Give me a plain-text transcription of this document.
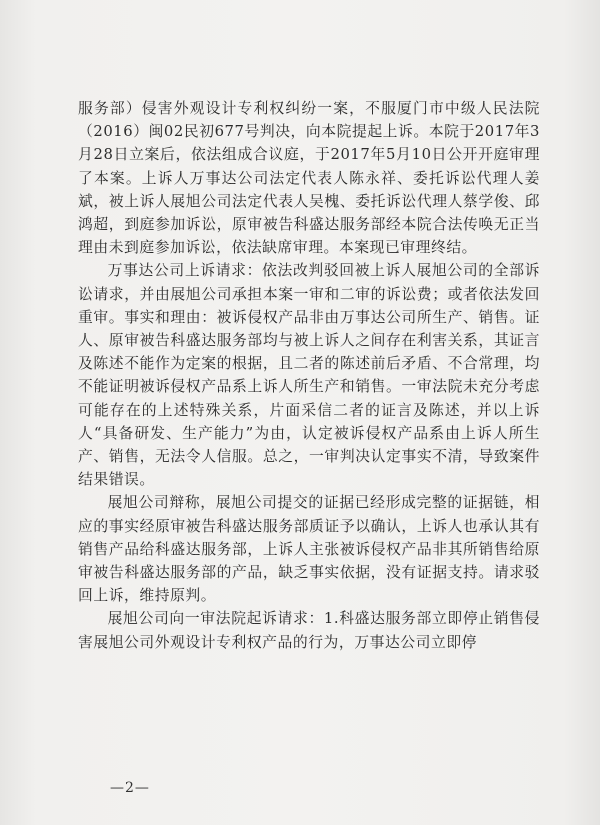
服务部）侵害外观设计专利权纠纷一案，不服厦门市中级人民法院（2016）闽02民初677号判决，向本院提起上诉。本院于2017年3月28日立案后，依法组成合议庭，于2017年5月10日公开开庭审理了本案。上诉人万事达公司法定代表人陈永祥、委托诉讼代理人姜斌，被上诉人展旭公司法定代表人吴槐、委托诉讼代理人蔡学俊、邱鸿超，到庭参加诉讼，原审被告科盛达服务部经本院合法传唤无正当理由未到庭参加诉讼，依法缺席审理。本案现已审理终结。

万事达公司上诉请求：依法改判驳回被上诉人展旭公司的全部诉讼请求，并由展旭公司承担本案一审和二审的诉讼费；或者依法发回重审。事实和理由：被诉侵权产品非由万事达公司所生产、销售。证人、原审被告科盛达服务部均与被上诉人之间存在利害关系，其证言及陈述不能作为定案的根据，且二者的陈述前后矛盾、不合常理，均不能证明被诉侵权产品系上诉人所生产和销售。一审法院未充分考虑可能存在的上述特殊关系，片面采信二者的证言及陈述，并以上诉人“具备研发、生产能力”为由，认定被诉侵权产品系由上诉人所生产、销售，无法令人信服。总之，一审判决认定事实不清，导致案件结果错误。

展旭公司辩称，展旭公司提交的证据已经形成完整的证据链，相应的事实经原审被告科盛达服务部质证予以确认，上诉人也承认其有销售产品给科盛达服务部，上诉人主张被诉侵权产品非其所销售给原审被告科盛达服务部的产品，缺乏事实依据，没有证据支持。请求驳回上诉，维持原判。

展旭公司向一审法院起诉请求：1.科盛达服务部立即停止销售侵害展旭公司外观设计专利权产品的行为，万事达公司立即停

—2—
